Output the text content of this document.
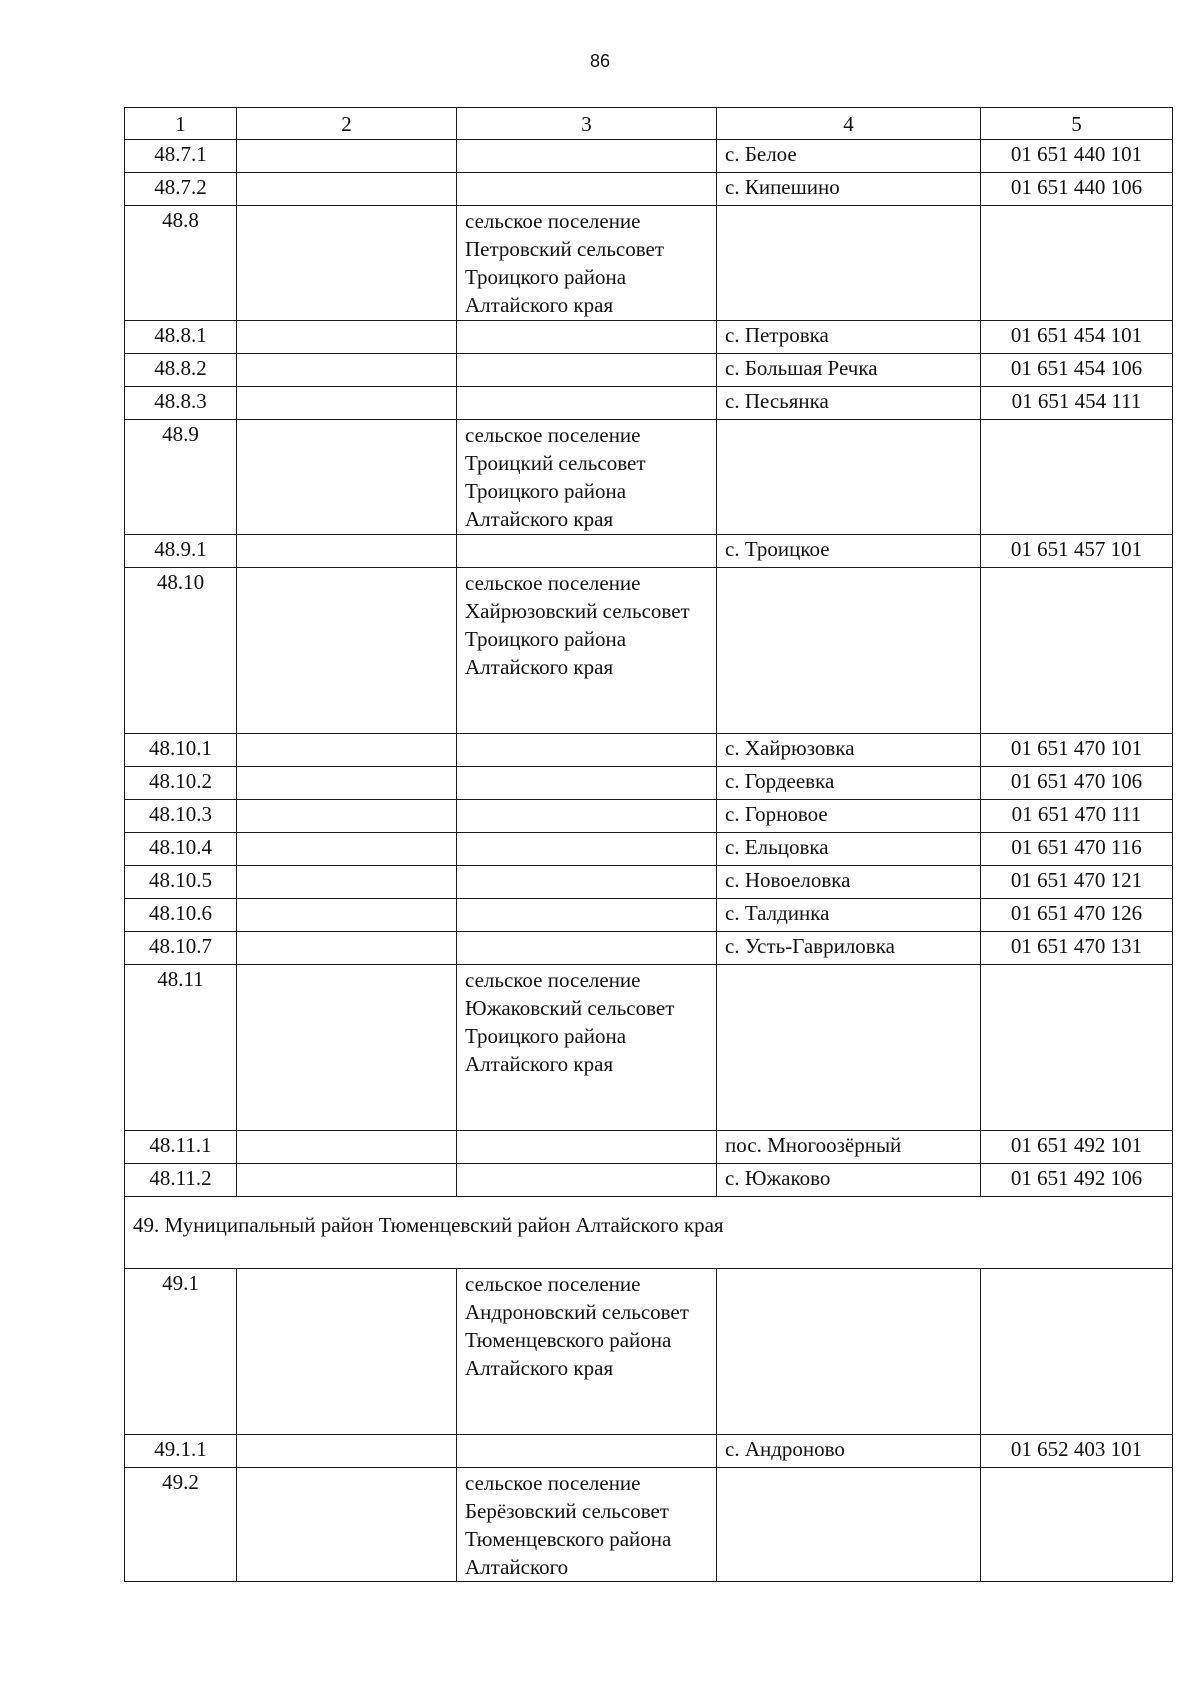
86
1	2	3	4	5
48.7.1			с. Белое	01 651 440 101
48.7.2			с. Кипешино	01 651 440 106
48.8		сельское поселение Петровский сельсовет Троицкого района Алтайского края		
48.8.1			с. Петровка	01 651 454 101
48.8.2			с. Большая Речка	01 651 454 106
48.8.3			с. Песьянка	01 651 454 111
48.9		сельское поселение Троицкий сельсовет Троицкого района Алтайского края		
48.9.1			с. Троицкое	01 651 457 101
48.10		сельское поселение Хайрюзовский сельсовет Троицкого района Алтайского края		
48.10.1			с. Хайрюзовка	01 651 470 101
48.10.2			с. Гордеевка	01 651 470 106
48.10.3			с. Горновое	01 651 470 111
48.10.4			с. Ельцовка	01 651 470 116
48.10.5			с. Новоеловка	01 651 470 121
48.10.6			с. Талдинка	01 651 470 126
48.10.7			с. Усть-Гавриловка	01 651 470 131
48.11		сельское поселение Южаковский сельсовет Троицкого района Алтайского края		
48.11.1			пос. Многоозёрный	01 651 492 101
48.11.2			с. Южаково	01 651 492 106
49. Муниципальный район Тюменцевский район Алтайского края				
49.1		сельское поселение Андроновский сельсовет Тюменцевского района Алтайского края		
49.1.1			с. Андроново	01 652 403 101
49.2		сельское поселение Берёзовский сельсовет Тюменцевского района Алтайского		
